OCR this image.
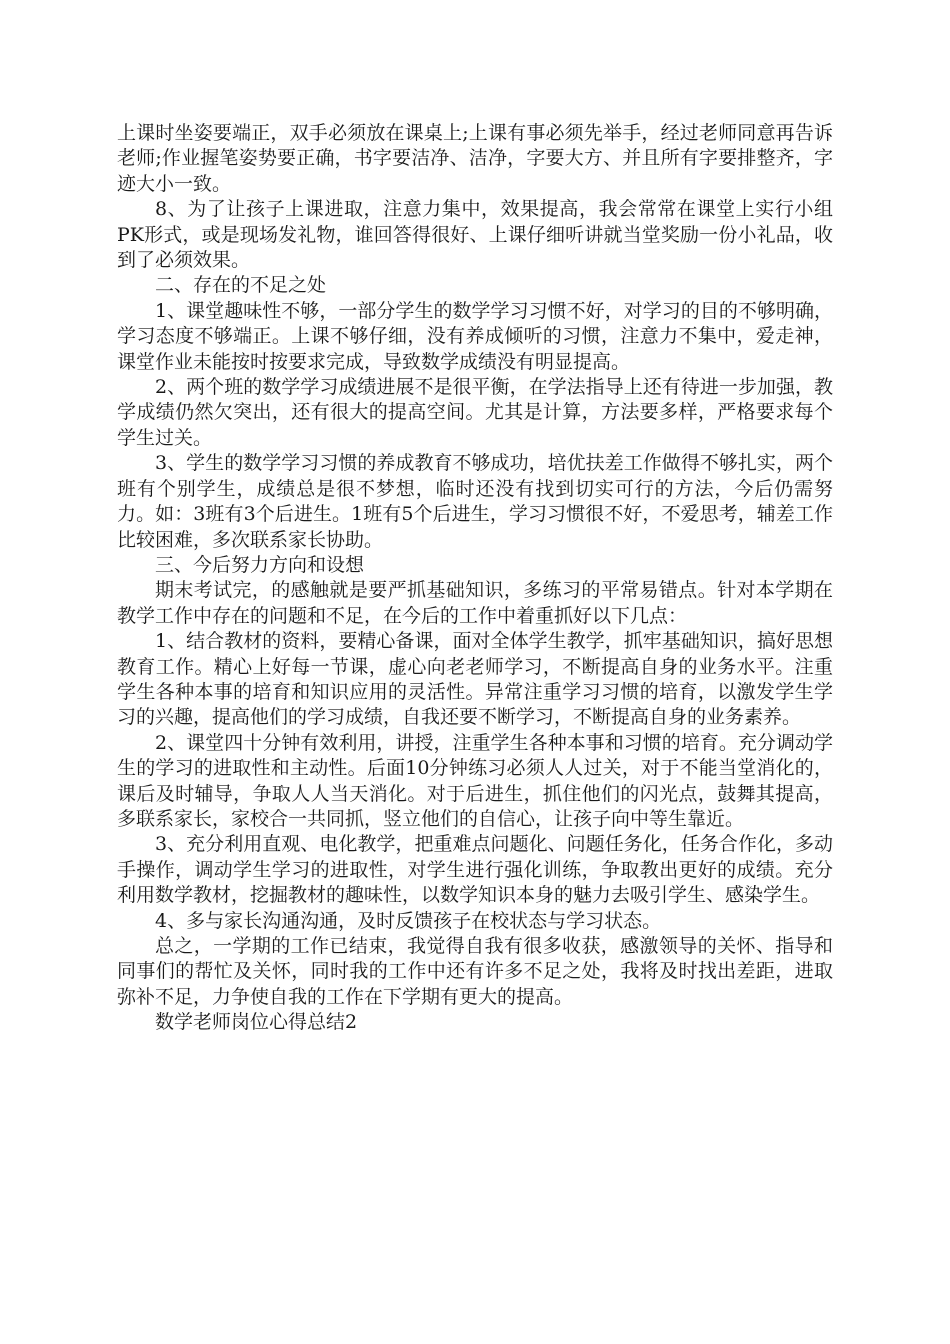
上课时坐姿要端正，双手必须放在课桌上;上课有事必须先举手，经过老师同意再告诉老师;作业握笔姿势要正确，书字要洁净、洁净，字要大方、并且所有字要排整齐，字迹大小一致。

8、为了让孩子上课进取，注意力集中，效果提高，我会常常在课堂上实行小组PK形式，或是现场发礼物，谁回答得很好、上课仔细听讲就当堂奖励一份小礼品，收到了必须效果。

二、存在的不足之处

1、课堂趣味性不够，一部分学生的数学学习习惯不好，对学习的目的不够明确，学习态度不够端正。上课不够仔细，没有养成倾听的习惯，注意力不集中，爱走神，课堂作业未能按时按要求完成，导致数学成绩没有明显提高。

2、两个班的数学学习成绩进展不是很平衡，在学法指导上还有待进一步加强，教学成绩仍然欠突出，还有很大的提高空间。尤其是计算，方法要多样，严格要求每个学生过关。

3、学生的数学学习习惯的养成教育不够成功，培优扶差工作做得不够扎实，两个班有个别学生，成绩总是很不梦想，临时还没有找到切实可行的方法，今后仍需努力。如：3班有3个后进生。1班有5个后进生，学习习惯很不好，不爱思考，辅差工作比较困难，多次联系家长协助。

三、今后努力方向和设想

期末考试完，的感触就是要严抓基础知识，多练习的平常易错点。针对本学期在教学工作中存在的问题和不足，在今后的工作中着重抓好以下几点：

1、结合教材的资料，要精心备课，面对全体学生教学，抓牢基础知识，搞好思想教育工作。精心上好每一节课，虚心向老老师学习，不断提高自身的业务水平。注重学生各种本事的培育和知识应用的灵活性。异常注重学习习惯的培育，以激发学生学习的兴趣，提高他们的学习成绩，自我还要不断学习，不断提高自身的业务素养。

2、课堂四十分钟有效利用，讲授，注重学生各种本事和习惯的培育。充分调动学生的学习的进取性和主动性。后面10分钟练习必须人人过关，对于不能当堂消化的，课后及时辅导，争取人人当天消化。对于后进生，抓住他们的闪光点，鼓舞其提高，多联系家长，家校合一共同抓，竖立他们的自信心，让孩子向中等生靠近。

3、充分利用直观、电化教学，把重难点问题化、问题任务化，任务合作化，多动手操作，调动学生学习的进取性，对学生进行强化训练，争取教出更好的成绩。充分利用数学教材，挖掘教材的趣味性，以数学知识本身的魅力去吸引学生、感染学生。

4、多与家长沟通沟通，及时反馈孩子在校状态与学习状态。

总之，一学期的工作已结束，我觉得自我有很多收获，感激领导的关怀、指导和同事们的帮忙及关怀，同时我的工作中还有许多不足之处，我将及时找出差距，进取弥补不足，力争使自我的工作在下学期有更大的提高。

数学老师岗位心得总结2
